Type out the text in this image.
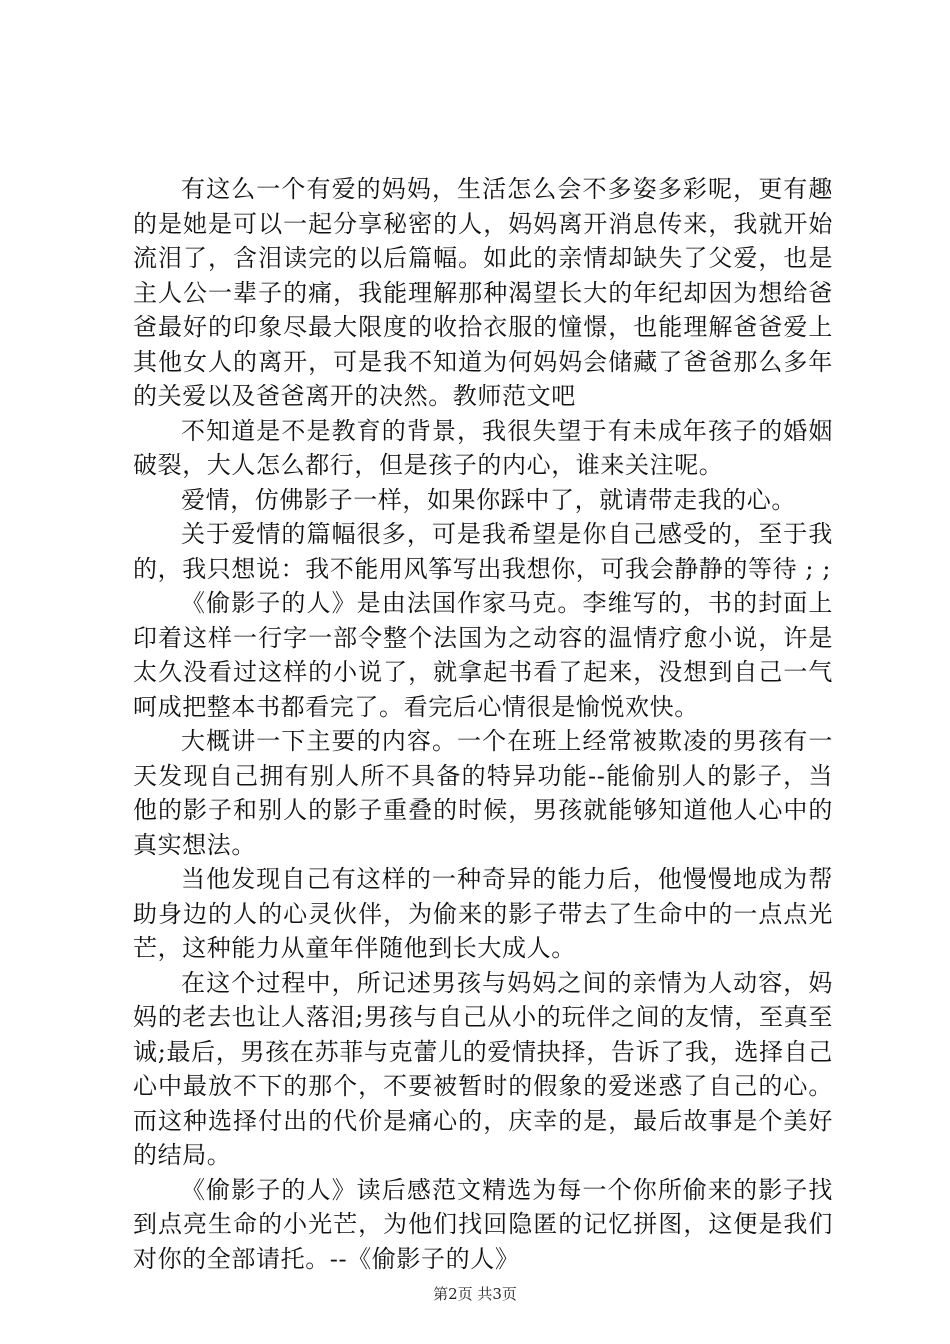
有这么一个有爱的妈妈，生活怎么会不多姿多彩呢，更有趣的是她是可以一起分享秘密的人，妈妈离开消息传来，我就开始流泪了，含泪读完的以后篇幅。如此的亲情却缺失了父爱，也是主人公一辈子的痛，我能理解那种渴望长大的年纪却因为想给爸爸最好的印象尽最大限度的收拾衣服的憧憬，也能理解爸爸爱上其他女人的离开，可是我不知道为何妈妈会储藏了爸爸那么多年的关爱以及爸爸离开的决然。教师范文吧

不知道是不是教育的背景，我很失望于有未成年孩子的婚姻破裂，大人怎么都行，但是孩子的内心，谁来关注呢。

爱情，仿佛影子一样，如果你踩中了，就请带走我的心。

关于爱情的篇幅很多，可是我希望是你自己感受的，至于我的，我只想说：我不能用风筝写出我想你，可我会静静的等待 ; ;

《偷影子的人》是由法国作家马克。李维写的，书的封面上印着这样一行字一部令整个法国为之动容的温情疗愈小说，许是太久没看过这样的小说了，就拿起书看了起来，没想到自己一气呵成把整本书都看完了。看完后心情很是愉悦欢快。

大概讲一下主要的内容。一个在班上经常被欺凌的男孩有一天发现自己拥有别人所不具备的特异功能--能偷别人的影子，当他的影子和别人的影子重叠的时候，男孩就能够知道他人心中的真实想法。

当他发现自己有这样的一种奇异的能力后，他慢慢地成为帮助身边的人的心灵伙伴，为偷来的影子带去了生命中的一点点光芒，这种能力从童年伴随他到长大成人。

在这个过程中，所记述男孩与妈妈之间的亲情为人动容，妈妈的老去也让人落泪;男孩与自己从小的玩伴之间的友情，至真至诚;最后，男孩在苏菲与克蕾儿的爱情抉择，告诉了我，选择自己心中最放不下的那个，不要被暂时的假象的爱迷惑了自己的心。而这种选择付出的代价是痛心的，庆幸的是，最后故事是个美好的结局。

《偷影子的人》读后感范文精选为每一个你所偷来的影子找到点亮生命的小光芒，为他们找回隐匿的记忆拼图，这便是我们对你的全部请托。--《偷影子的人》

第2页 共3页
